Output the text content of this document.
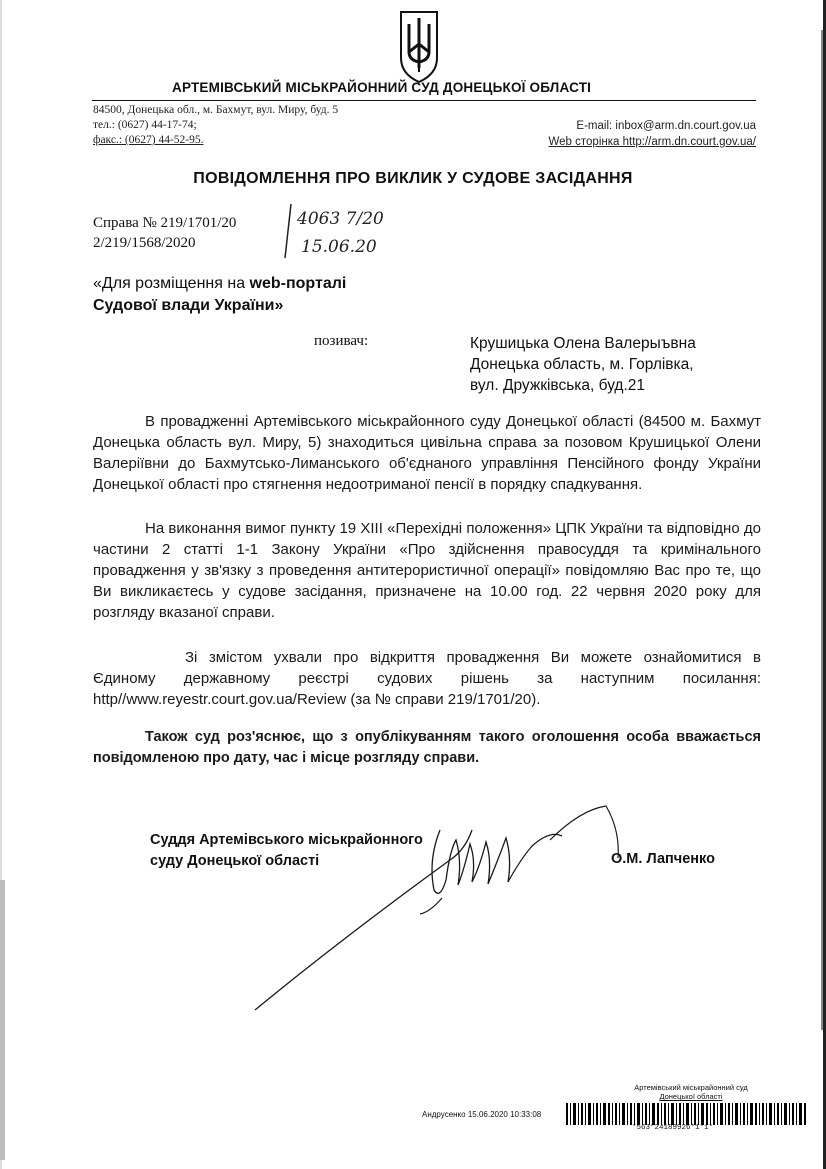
АРТЕМІВСЬКИЙ МІСЬКРАЙОННИЙ СУД ДОНЕЦЬКОЇ ОБЛАСТІ
84500, Донецька обл., м. Бахмут, вул. Миру, буд. 5
тел.: (0627) 44-17-74;
факс.: (0627) 44-52-95.
E-mail: inbox@arm.dn.court.gov.ua
Web сторінка http://arm.dn.court.gov.ua/
ПОВІДОМЛЕННЯ ПРО ВИКЛИК У СУДОВЕ ЗАСІДАННЯ
Справа № 219/1701/20
2/219/1568/2020
4063 7/20
15.06.20
«Для розміщення на web-порталі
Судової влади України»
позивач:	Крушицька Олена Валерыъвна
Донецька область, м. Горлівка,
вул. Дружківська, буд.21
В провадженні Артемівського міськрайонного суду Донецької області (84500 м. Бахмут Донецька область вул. Миру, 5) знаходиться цивільна справа за позовом Крушицької Олени Валеріївни до Бахмутсько-Лиманського об'єднаного управління Пенсійного фонду України Донецької області про стягнення недоотриманої пенсії в порядку спадкування.
На виконання вимог пункту 19 XIII «Перехідні положення» ЦПК України та відповідно до частини 2 статті 1-1 Закону України «Про здійснення правосуддя та кримінального провадження у зв'язку з проведення антитерористичної операції» повідомляю Вас про те, що Ви викликаєтесь у судове засідання, призначене на 10.00 год. 22 червня 2020 року для розгляду вказаної справи.
Зі змістом ухвали про відкриття провадження Ви можете ознайомитися в Єдиному державному реєстрі судових рішень за наступним посилання: http//www.reyestr.court.gov.ua/Review (за № справи 219/1701/20).
Також суд роз'яснює, що з опублікуванням такого оголошення особа вважається повідомленою про дату, час і місце розгляду справи.
Суддя Артемівського міськрайонного
суду Донецької області	О.М. Лапченко
Артемівський міськрайонний суд
Донецької області
Андрусенко 15.06.2020 10:33:08
*563*24189926*1*1*
